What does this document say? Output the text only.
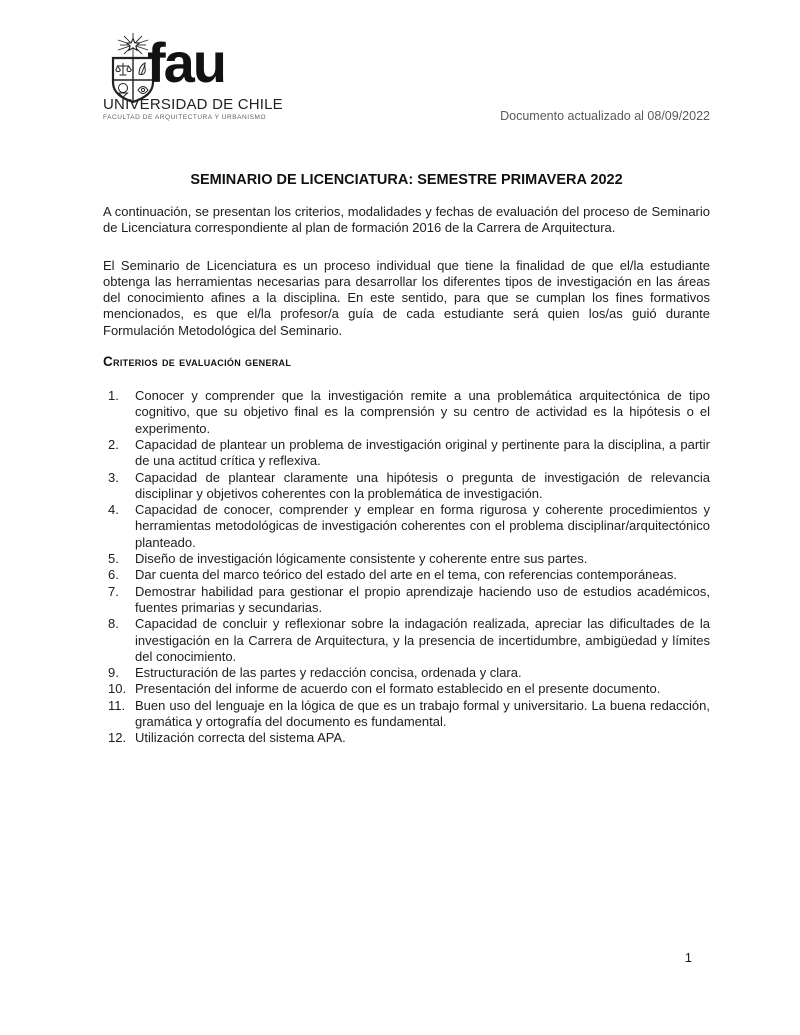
fau
UNIVERSIDAD DE CHILE
FACULTAD DE ARQUITECTURA Y URBANISMO	Documento actualizado al 08/09/2022
SEMINARIO DE LICENCIATURA: SEMESTRE PRIMAVERA 2022

A continuación, se presentan los criterios, modalidades y fechas de evaluación del proceso de Seminario de Licenciatura correspondiente al plan de formación 2016 de la Carrera de Arquitectura.

El Seminario de Licenciatura es un proceso individual que tiene la finalidad de que el/la estudiante obtenga las herramientas necesarias para desarrollar los diferentes tipos de investigación en las áreas del conocimiento afines a la disciplina. En este sentido, para que se cumplan los fines formativos mencionados, es que el/la profesor/a guía de cada estudiante será quien los/as guió durante Formulación Metodológica del Seminario.

Criterios de evaluación general
1.	Conocer y comprender que la investigación remite a una problemática arquitectónica de tipo cognitivo, que su objetivo final es la comprensión y su centro de actividad es la hipótesis o el experimento.
2.	Capacidad de plantear un problema de investigación original y pertinente para la disciplina, a partir de una actitud crítica y reflexiva.
3.	Capacidad de plantear claramente una hipótesis o pregunta de investigación de relevancia disciplinar y objetivos coherentes con la problemática de investigación.
4.	Capacidad de conocer, comprender y emplear en forma rigurosa y coherente procedimientos y herramientas metodológicas de investigación coherentes con el problema disciplinar/arquitectónico planteado.
5.	Diseño de investigación lógicamente consistente y coherente entre sus partes.
6.	Dar cuenta del marco teórico del estado del arte en el tema, con referencias contemporáneas.
7.	Demostrar habilidad para gestionar el propio aprendizaje haciendo uso de estudios académicos, fuentes primarias y secundarias.
8.	Capacidad de concluir y reflexionar sobre la indagación realizada, apreciar las dificultades de la investigación en la Carrera de Arquitectura, y la presencia de incertidumbre, ambigüedad y límites del conocimiento.
9.	Estructuración de las partes y redacción concisa, ordenada y clara.
10. Presentación del informe de acuerdo con el formato establecido en el presente documento.
11. Buen uso del lenguaje en la lógica de que es un trabajo formal y universitario. La buena redacción, gramática y ortografía del documento es fundamental.
12. Utilización correcta del sistema APA.
1
